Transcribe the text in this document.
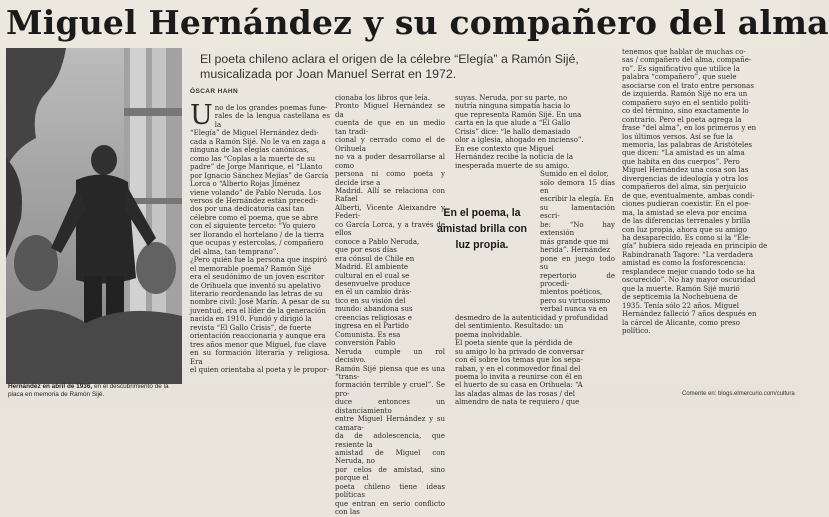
Miguel Hernández y su compañero del alma
Hernández en abril de 1936, en el descubrimiento de la placa en memoria de Ramón Sijé.
El poeta chileno aclara el origen de la célebre “Elegía” a Ramón Sijé, musicalizada por Joan Manuel Serrat en 1972.
ÓSCAR HAHN
U no de los grandes poemas fune-

rales de la lengua castellana es la

“Elegía” de Miguel Hernández dedi-

cada a Ramón Sijé. No le va en zaga a

ninguna de las elegías canónicas,

como las “Coplas a la muerte de su

padre” de Jorge Manrique, el “Llanto

por Ignacio Sánchez Mejías” de García

Lorca o “Alberto Rojas Jiménez

viene volando” de Pablo Neruda. Los

versos de Hernández están precedi-

dos por una dedicatoria casi tan

célebre como el poema, que se abre

con el siguiente terceto: “Yo quiero

ser llorando el hortelano / de la tierra

que ocupas y estercolas, / compañero

del alma, tan temprano”.

¿Pero quién fue la persona que inspiró

el memorable poema? Ramón Sijé

era el seudónimo de un joven escritor

de Orihuela que inventó su apelativo

literario reordenando las letras de su

nombre civil: José Marín. A pesar de su

juventud, era el líder de la generación

nacida en 1910. Fundó y dirigió la

revista “El Gallo Crisis”, de fuerte

orientación reaccionaria y aunque era

tres años menor que Miguel, fue clave

en su formación literaria y religiosa. Era

el quien orientaba al poeta y le propor-

cionaba los libros que leía.

Pronto Miguel Hernández se da

cuenta de que en un medio tan tradi-

cional y cerrado como el de Orihuela

no va a poder desarrollarse al como

persona ni como poeta y decide irse a

Madrid. Allí se relaciona con Rafael

Alberti, Vicente Aleixandre y Federi-

co García Lorca, y a través de ellos

conoce a Pablo Neruda,

que por esos días

era cónsul de Chile en

Madrid. El ambiente

cultural en el cual se

desenvuelve produce

en él un cambio drás-

tico en su visión del

mundo: abandona sus

creencias religiosas e

ingresa en el Partido

Comunista. Es esa

conversión Pablo

Neruda cumple un rol decisivo.

Ramón Sijé piensa que es una “trans-

formación terrible y cruel”. Se pro-

duce entonces un distanciamiento

entre Miguel Hernández y su camara-

da de adolescencia, que resiente la

amistad de Miguel con Neruda, no

por celos de amistad, sino porque el

poeta chileno tiene ideas políticas

que entran en serio conflicto con las

En el poema, la amistad brilla con luz propia.

suyas. Neruda, por su parte, no

nutría ninguna simpatía hacia lo

que representa Ramón Sijé. En una

carta en la que alude a “El Gallo

Crisis” dice: “le hallo demasiado

olor a iglesia, ahogado en incienso”.

En ese contexto que Miguel

Hernández recibe la noticia de la

inesperada muerte de su amigo.

Sumido en el dolor,

sólo demora 15 días en

escribir la elegía. En

su lamentación escri-

be: “No hay extensión

más grande que mi

herida”. Hernández

pone en juego todo su

repertorio de procedi-

mientos poéticos,

pero su virtuosismo

verbal nunca va en

desmedro de la autenticidad y profundidad

del sentimiento. Resultado: un

poema inolvidable.

El poeta siente que la pérdida de

su amigo lo ha privado de conversar

con él sobre los temas que los sepa-

raban, y en el conmovedor final del

poema lo invita a reunirse con él en

el huerto de su casa en Orihuela: “A

las aladas almas de las rosas / del

almendro de nata te requiero / que

tenemos que hablar de muchas co-

sas / compañero del alma, compañe-

ro”. Es significativo que utilice la

palabra “compañero”, que suele

asociarse con el trato entre personas

de izquierda. Ramón Sijé no era un

compañero suyo en el sentido políti-

co del término, sino exactamente lo

contrario. Pero el poeta agrega la

frase “del alma”, en los primeros y en

los últimos versos. Así se fue la

memoria, las palabras de Aristóteles

que dicen: “La amistad es un alma

que habita en dos cuerpos”. Pero

Miguel Hernández una cosa son las

divergencias de ideología y otra los

compañeros del alma, sin perjuicio

de que, eventualmente, ambas condi-

ciones pudieran coexistir. En el poe-

ma, la amistad se eleva por encima

de las diferencias terrenales y brilla

con luz propia, ahora que su amigo

ha desaparecido. Es como si la “Ele-

gía” hubiera sido rejeada en principio de

Rabindranath Tagore: “La verdadera

amistad es como la fosforescencia:

resplandece mejor cuando todo se ha

oscurecido”. No hay mayor oscuridad

que la muerte. Ramón Sijé murió

de septicemia la Nochebuena de

1935. Tenía sólo 22 años. Miguel

Hernández falleció 7 años después en

la cárcel de Alicante, como preso

político.

Comente en: blogs.elmercurio.com/cultura
